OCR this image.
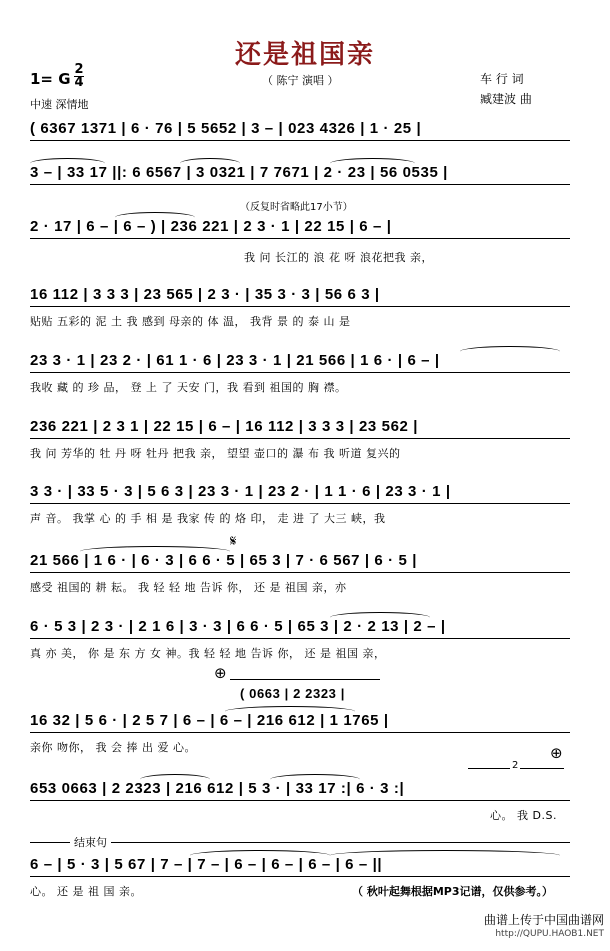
还是祖国亲
1= G
2
4	（ 陈宁 演唱 ）	车 行 词
臧建波 曲
中速 深情地
( 6367 1371 | 6 · 76 | 5 5652 | 3 – | 023 4326 | 1 · 25 |
3 – | 33 17 ||: 6 6567 | 3 0321 | 7 7671 | 2 · 23 | 56 0535 |
（反复时省略此17小节）
2 · 17 | 6 – | 6 – ) | 236 221 | 2 3 · 1 | 22 15 | 6 – |
我 问 长江的 浪 花 呀 浪花把我 亲，
16 112 | 3 3 3 | 23 565 | 2 3 · | 35 3 · 3 | 56 6 3 |
贴贴 五彩的 泥 土 我 感到 母亲的 体 温， 我背 景 的 泰 山 是
23 3 · 1 | 23 2 · | 61 1 · 6 | 23 3 · 1 | 21 566 | 1 6 · | 6 – |
我收 藏 的 珍 品， 登 上 了 天安 门，我 看到 祖国的 胸 襟。
236 221 | 2 3 1 | 22 15 | 6 – | 16 112 | 3 3 3 | 23 562 |
我 问 芳华的 牡 丹 呀 牡丹 把我 亲， 望望 壶口的 瀑 布 我 听道 复兴的
3 3 · | 33 5 · 3 | 5 6 3 | 23 3 · 1 | 23 2 · | 1 1 · 6 | 23 3 · 1 |
声 音。 我掌 心 的 手 相 是 我家 传 的 烙 印， 走 进 了 大三 峡，我
𝄋
21 566 | 1 6 · | 6 · 3 | 6 6 · 5 | 65 3 | 7 · 6 567 | 6 · 5 |
感受 祖国的 耕 耘。 我 轻 轻 地 告诉 你， 还 是 祖国 亲，亦
6 · 5 3 | 2 3 · | 2 1 6 | 3 · 3 | 6 6 · 5 | 65 3 | 2 · 2 13 | 2 – |
真 亦 美， 你 是 东 方 女 神。我 轻 轻 地 告诉 你， 还 是 祖国 亲，
⊕
( 0663 | 2 2323 |
16 32 | 5 6 · | 2 5 7 | 6 – | 6 – | 216 612 | 1 1765 |
亲你 吻你， 我 会 捧 出 爱 心。	⊕
2
653 0663 | 2 2323 | 216 612 | 5 3 · | 33 17 :| 6 · 3 :|
心。 我 D.S.
结束句
6 – | 5 · 3 | 5 67 | 7 – | 7 – | 6 – | 6 – | 6 – | 6 – ||
心。 还 是 祖 国 亲。	（ 秋叶起舞根据MP3记谱，仅供参考。）
曲谱上传于中国曲谱网
http://QUPU.HAOB1.NET
